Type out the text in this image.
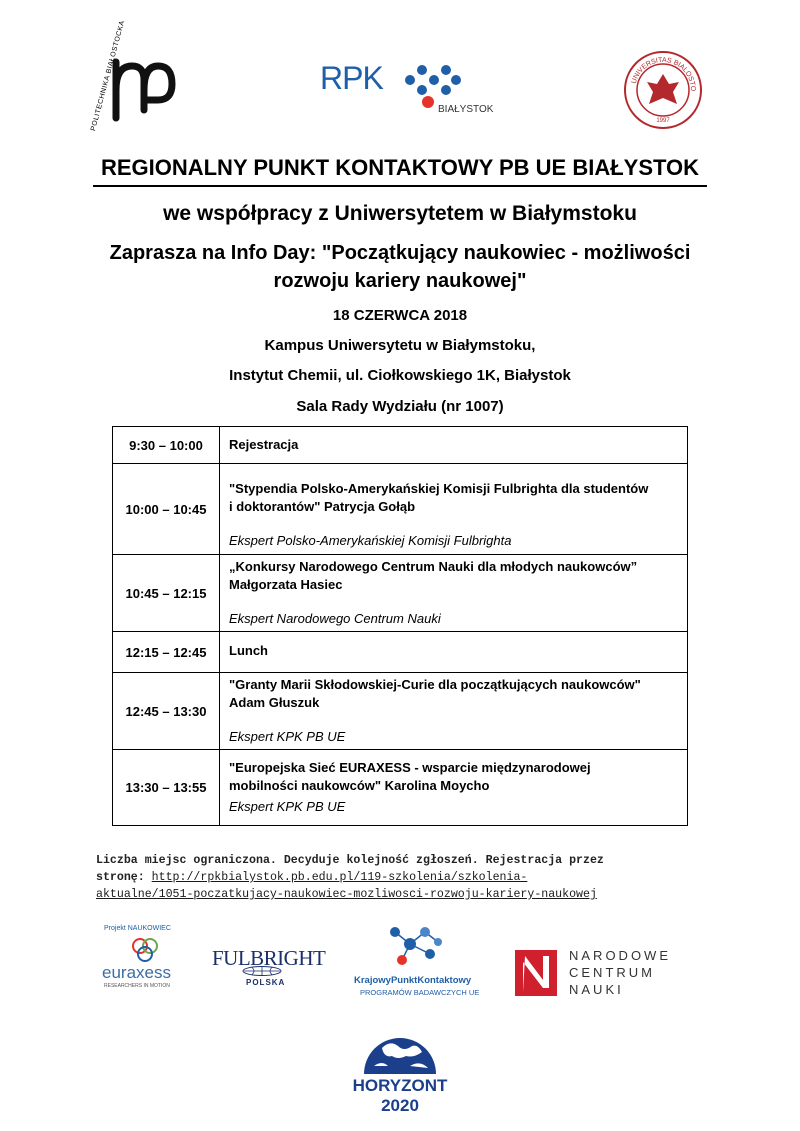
POLITECHNIKA BIAŁOSTOCKA	RPK
BIAŁYSTOK
UNIVERSITAS BIALOSTO
1997
REGIONALNY PUNKT KONTAKTOWY PB UE BIAŁYSTOK
we współpracy z Uniwersytetem w Białymstoku
Zaprasza na Info Day: "Początkujący naukowiec - możliwości
rozwoju kariery naukowej"
18 CZERWCA 2018
Kampus Uniwersytetu w Białymstoku,
Instytut Chemii, ul. Ciołkowskiego 1K, Białystok
Sala Rady Wydziału (nr 1007)
9:30 – 10:00	Rejestracja

10:00 – 10:45	"Stypendia Polsko-Amerykańskiej Komisji Fulbrighta dla studentów
i doktorantów" Patrycja Gołąb
Ekspert Polsko-Amerykańskiej Komisji Fulbrighta

10:45 – 12:15	„Konkursy Narodowego Centrum Nauki dla młodych naukowców”
Małgorzata Hasiec
Ekspert Narodowego Centrum Nauki

12:15 – 12:45	Lunch

12:45 – 13:30	"Granty Marii Skłodowskiej-Curie dla początkujących naukowców"
Adam Głuszuk
Ekspert KPK PB UE

13:30 – 13:55	"Europejska Sieć EURAXESS - wsparcie międzynarodowej
mobilności naukowców" Karolina Moycho
Ekspert KPK PB UE
Liczba miejsc ograniczona. Decyduje kolejność zgłoszeń. Rejestracja przez
stronę: http://rpkbialystok.pb.edu.pl/119-szkolenia/szkolenia-
aktualne/1051-poczatkujacy-naukowiec-mozliwosci-rozwoju-kariery-naukowej
Projekt NAUKOWIEC
euraxess
RESEARCHERS IN MOTION
FULBRIGHT
POLSKA	KrajowyPunktKontaktowy
PROGRAMÓW BADAWCZYCH UE
NARODOWE
CENTRUM
NAUKI
HORYZONT 2020
